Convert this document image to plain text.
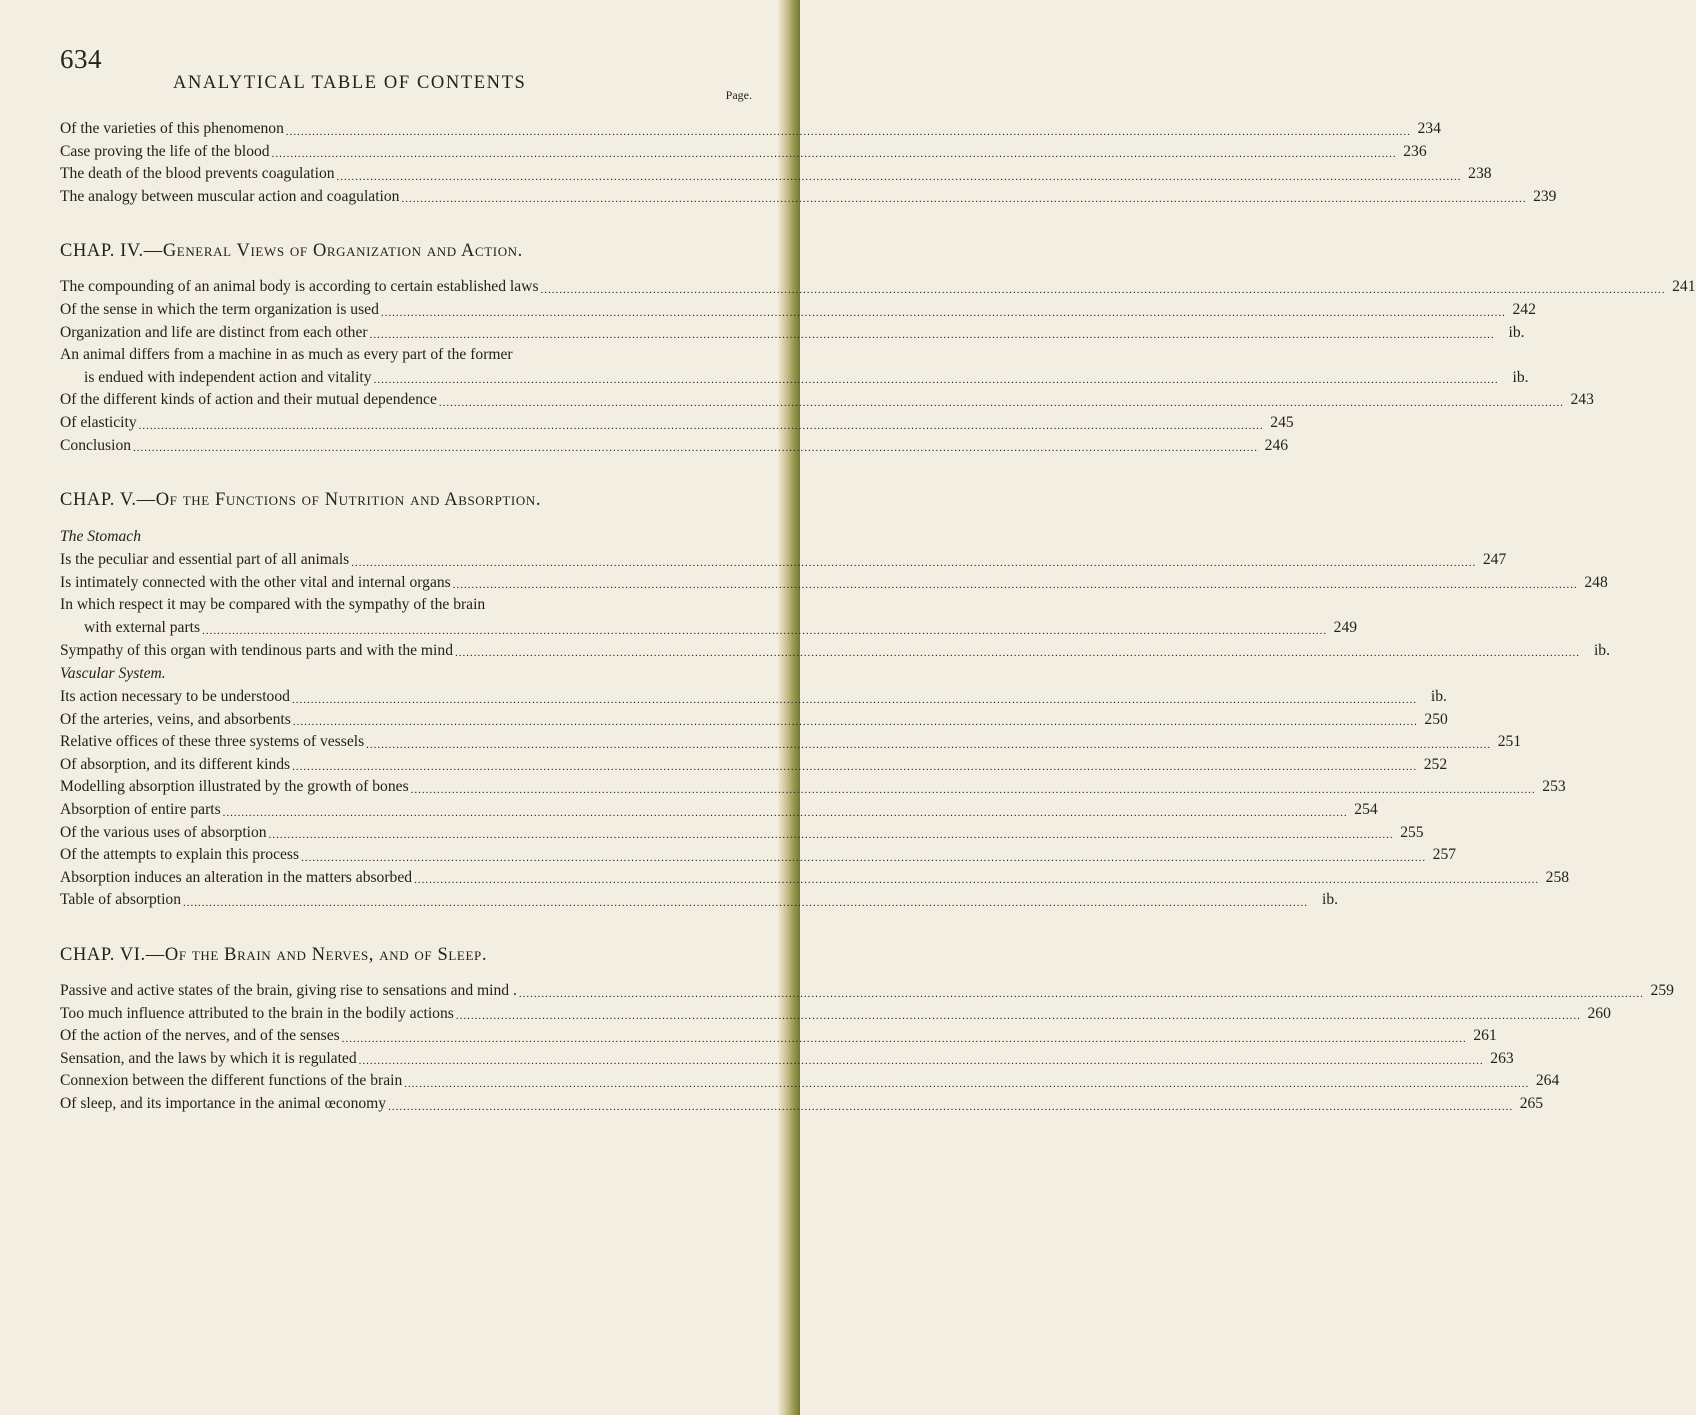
634
ANALYTICAL TABLE OF CONTENTS
Page.
Of the varieties of this phenomenon ............................................................................................................................................................................................................................................................................................................ 234
Case proving the life of the blood ............................................................................................................................................................................................................................................................................................................ 236
The death of the blood prevents coagulation ............................................................................................................................................................................................................................................................................................................ 238
The analogy between muscular action and coagulation ............................................................................................................................................................................................................................................................................................................ 239
CHAP. IV.—General Views of Organization and Action.
The compounding of an animal body is according to certain established laws ............................................................................................................................................................................................................................................................................................................ 241
Of the sense in which the term organization is used ............................................................................................................................................................................................................................................................................................................ 242
Organization and life are distinct from each other ............................................................................................................................................................................................................................................................................................................ ib.
An animal differs from a machine in as much as every part of the former
is endued with independent action and vitality ............................................................................................................................................................................................................................................................................................................ ib.
Of the different kinds of action and their mutual dependence ............................................................................................................................................................................................................................................................................................................ 243
Of elasticity ............................................................................................................................................................................................................................................................................................................ 245
Conclusion ............................................................................................................................................................................................................................................................................................................ 246
CHAP. V.—Of the Functions of Nutrition and Absorption.
The Stomach
Is the peculiar and essential part of all animals ............................................................................................................................................................................................................................................................................................................ 247
Is intimately connected with the other vital and internal organs ............................................................................................................................................................................................................................................................................................................ 248
In which respect it may be compared with the sympathy of the brain
with external parts ............................................................................................................................................................................................................................................................................................................ 249
Sympathy of this organ with tendinous parts and with the mind ............................................................................................................................................................................................................................................................................................................ ib.
Vascular System.
Its action necessary to be understood ............................................................................................................................................................................................................................................................................................................ ib.
Of the arteries, veins, and absorbents ............................................................................................................................................................................................................................................................................................................ 250
Relative offices of these three systems of vessels ............................................................................................................................................................................................................................................................................................................ 251
Of absorption, and its different kinds ............................................................................................................................................................................................................................................................................................................ 252
Modelling absorption illustrated by the growth of bones ............................................................................................................................................................................................................................................................................................................ 253
Absorption of entire parts ............................................................................................................................................................................................................................................................................................................ 254
Of the various uses of absorption ............................................................................................................................................................................................................................................................................................................ 255
Of the attempts to explain this process ............................................................................................................................................................................................................................................................................................................ 257
Absorption induces an alteration in the matters absorbed ............................................................................................................................................................................................................................................................................................................ 258
Table of absorption ............................................................................................................................................................................................................................................................................................................ ib.
CHAP. VI.—Of the Brain and Nerves, and of Sleep.
Passive and active states of the brain, giving rise to sensations and mind . ............................................................................................................................................................................................................................................................................................................ 259
Too much influence attributed to the brain in the bodily actions ............................................................................................................................................................................................................................................................................................................ 260
Of the action of the nerves, and of the senses ............................................................................................................................................................................................................................................................................................................ 261
Sensation, and the laws by which it is regulated ............................................................................................................................................................................................................................................................................................................ 263
Connexion between the different functions of the brain ............................................................................................................................................................................................................................................................................................................ 264
Of sleep, and its importance in the animal œconomy ............................................................................................................................................................................................................................................................................................................ 265
